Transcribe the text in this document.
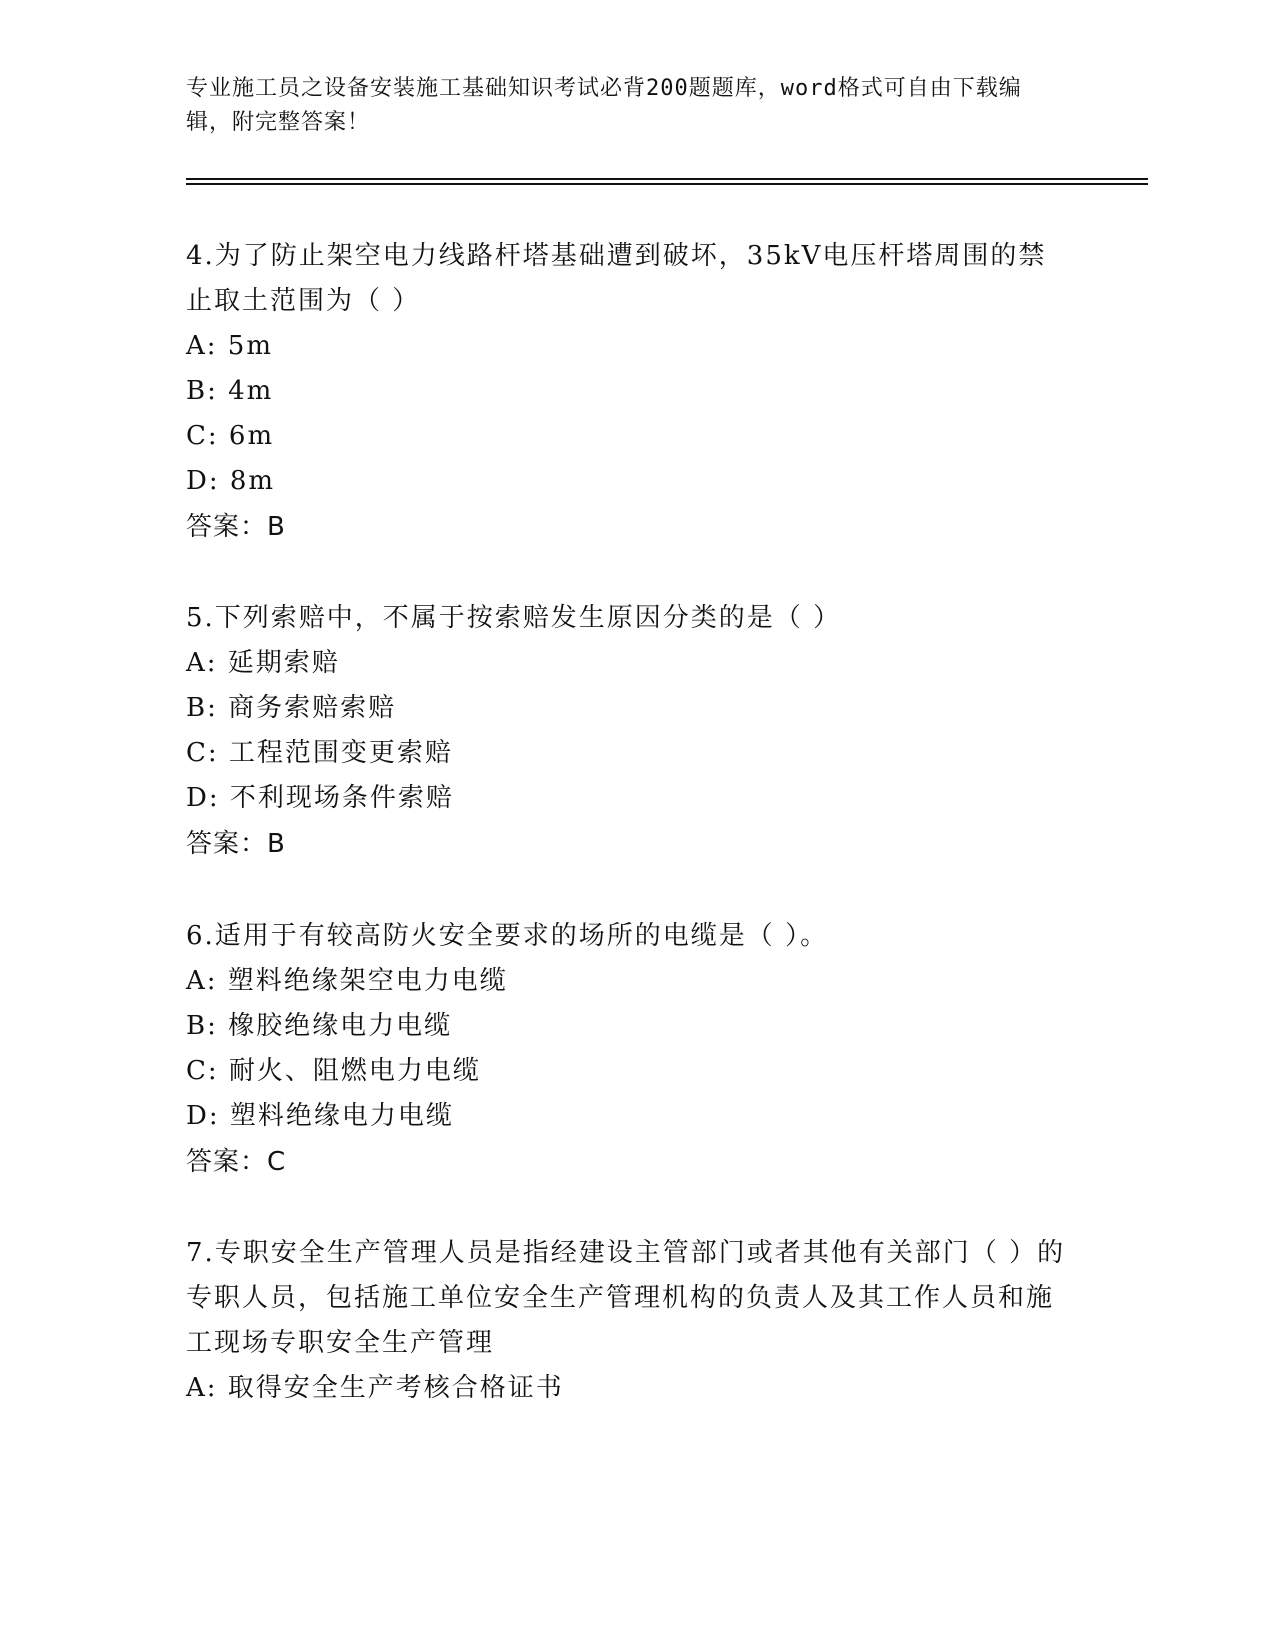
专业施工员之设备安装施工基础知识考试必背200题题库，word格式可自由下载编辑，附完整答案！
4.为了防止架空电力线路杆塔基础遭到破坏，35kV电压杆塔周围的禁止取土范围为（ ）
A: 5m
B: 4m
C: 6m
D: 8m
答案：B
5.下列索赔中，不属于按索赔发生原因分类的是（ ）
A: 延期索赔
B: 商务索赔索赔
C: 工程范围变更索赔
D: 不利现场条件索赔
答案：B
6.适用于有较高防火安全要求的场所的电缆是（ ）。
A: 塑料绝缘架空电力电缆
B: 橡胶绝缘电力电缆
C: 耐火、阻燃电力电缆
D: 塑料绝缘电力电缆
答案：C
7.专职安全生产管理人员是指经建设主管部门或者其他有关部门（ ）的专职人员，包括施工单位安全生产管理机构的负责人及其工作人员和施工现场专职安全生产管理
A: 取得安全生产考核合格证书
